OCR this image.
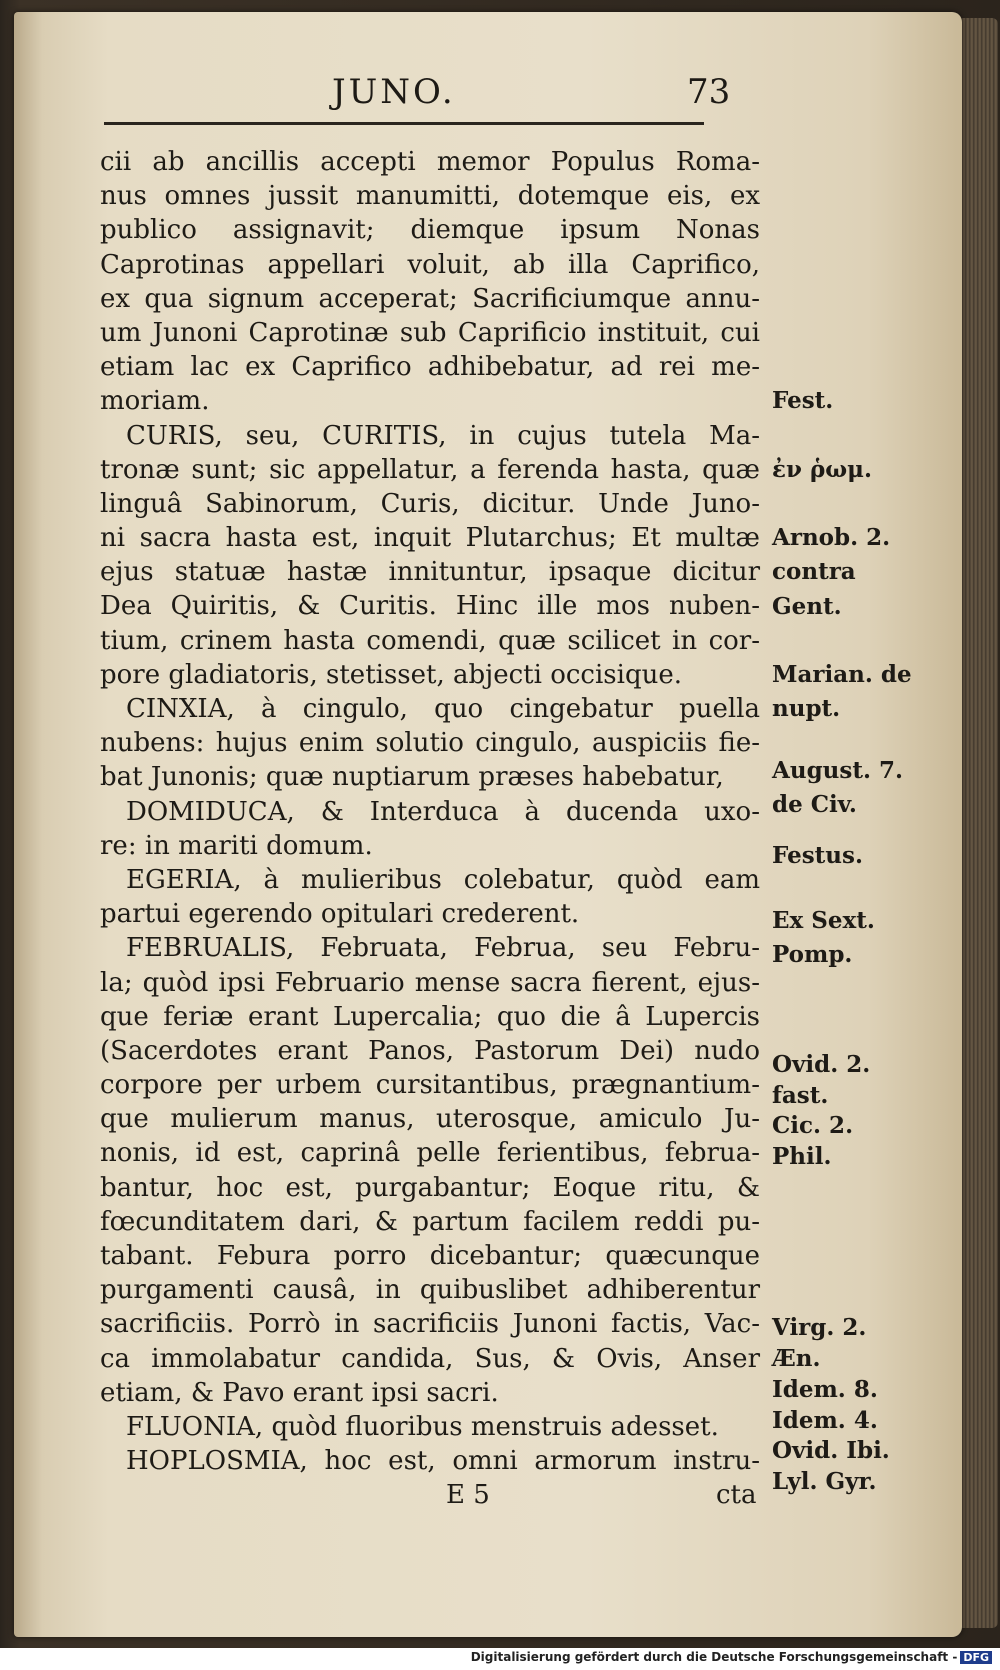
JUNO.	73
cii ab ancillis accepti memor Populus Roma-
nus omnes jussit manumitti, dotemque eis, ex
publico assignavit; diemque ipsum Nonas
Caprotinas appellari voluit, ab illa Caprifico,
ex qua signum acceperat; Sacrificiumque annu-
um Junoni Caprotinæ sub Caprificio instituit, cui
etiam lac ex Caprifico adhibebatur, ad rei me-
moriam.
CURIS, seu, CURITIS, in cujus tutela Ma-
tronæ sunt; sic appellatur, a ferenda hasta, quæ
linguâ Sabinorum, Curis, dicitur. Unde Juno-
ni sacra hasta est, inquit Plutarchus; Et multæ
ejus statuæ hastæ innituntur, ipsaque dicitur
Dea Quiritis, & Curitis. Hinc ille mos nuben-
tium, crinem hasta comendi, quæ scilicet in cor-
pore gladiatoris, stetisset, abjecti occisique.
CINXIA, à cingulo, quo cingebatur puella
nubens: hujus enim solutio cingulo, auspiciis fie-
bat Junonis; quæ nuptiarum præses habebatur,
DOMIDUCA, & Interduca à ducenda uxo-
re: in mariti domum.
EGERIA, à mulieribus colebatur, quòd eam
partui egerendo opitulari crederent.
FEBRUALIS, Februata, Februa, seu Febru-
la; quòd ipsi Februario mense sacra fierent, ejus-
que feriæ erant Lupercalia; quo die â Lupercis
(Sacerdotes erant Panos, Pastorum Dei) nudo
corpore per urbem cursitantibus, prægnantium-
que mulierum manus, uterosque, amiculo Ju-
nonis, id est, caprinâ pelle ferientibus, februa-
bantur, hoc est, purgabantur; Eoque ritu, &
fœcunditatem dari, & partum facilem reddi pu-
tabant. Febura porro dicebantur; quæcunque
purgamenti causâ, in quibuslibet adhiberentur
sacrificiis. Porrò in sacrificiis Junoni factis, Vac-
ca immolabatur candida, Sus, & Ovis, Anser
etiam, & Pavo erant ipsi sacri.
FLUONIA, quòd fluoribus menstruis adesset.
HOPLOSMIA, hoc est, omni armorum instru-
Fest.
ἐν ῥωμ.
Arnob. 2.
contra
Gent.
Marian. de
nupt.
August. 7.
de Civ.
Festus.
Ex Sext.
Pomp.
Ovid. 2.
fast.
Cic. 2.
Phil.
Virg. 2.
Æn.
Idem. 8.
Idem. 4.
Ovid. Ibi.
Lyl. Gyr.
E 5	cta
Digitalisierung gefördert durch die Deutsche Forschungsgemeinschaft - DFG
